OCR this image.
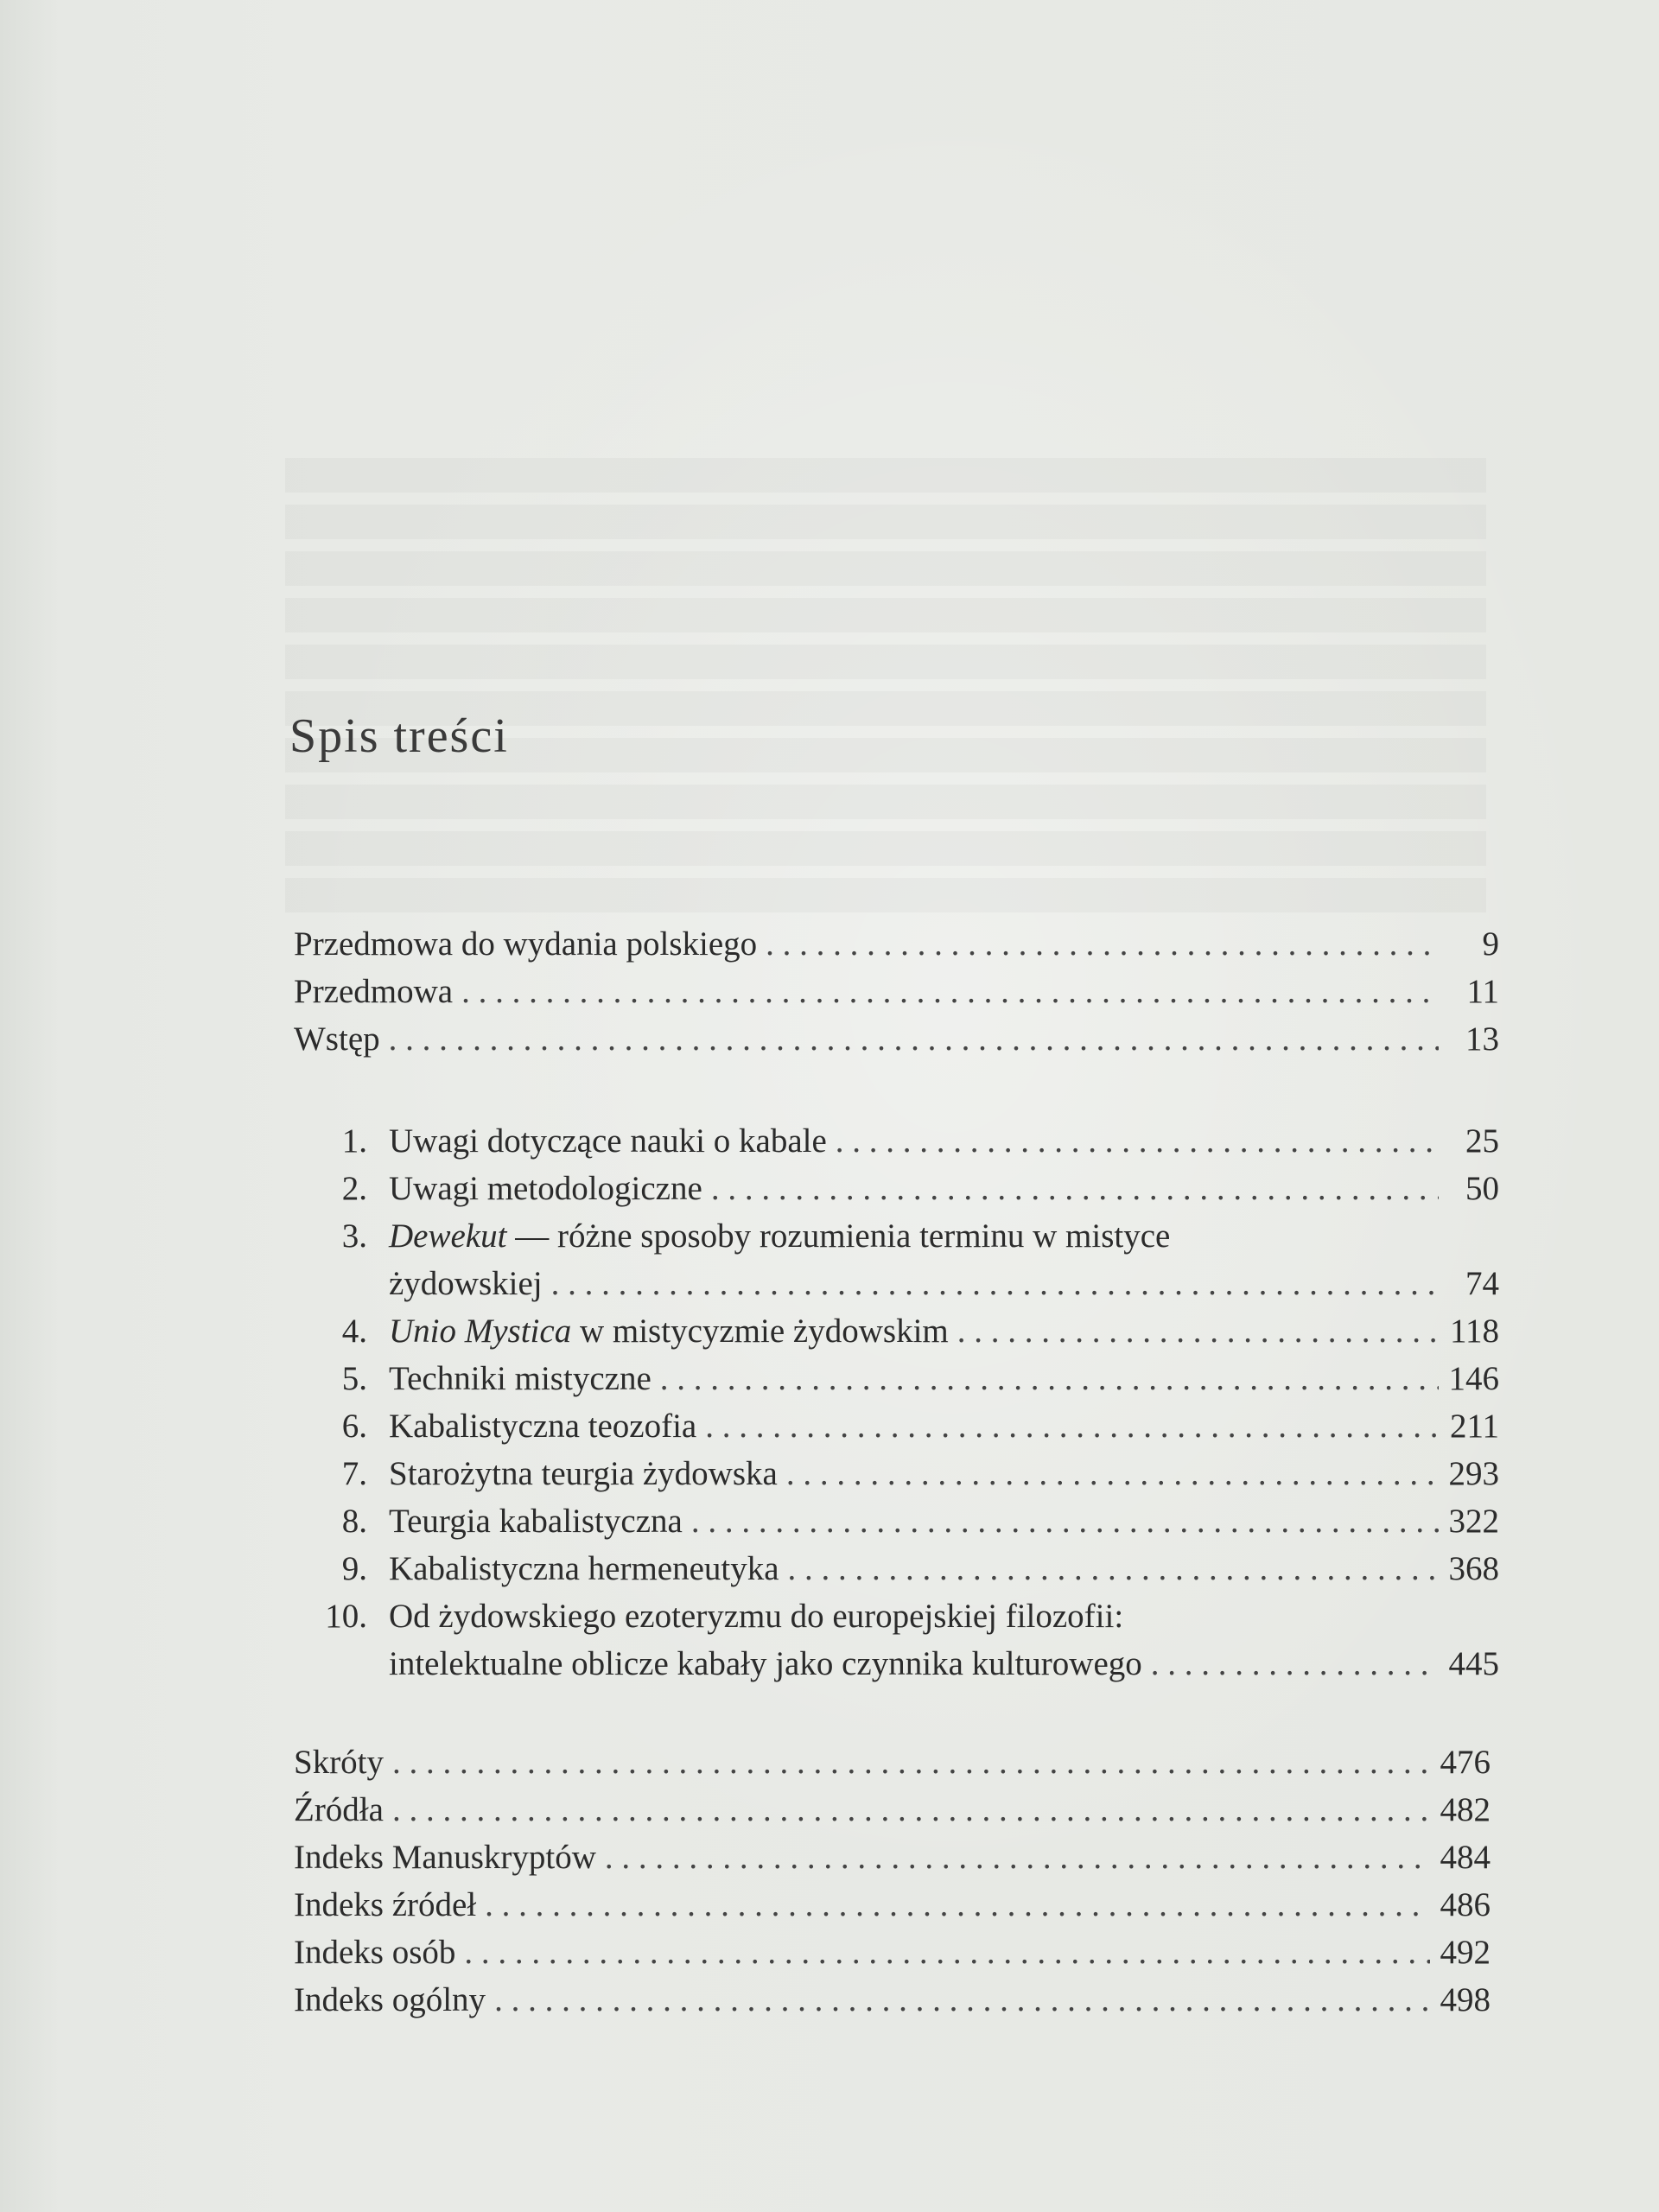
Spis treści
Przedmowa do wydania polskiego . . .	9
Przedmowa . . .	11
Wstęp . . .	13
1. Uwagi dotyczące nauki o kabale . . .	25
2. Uwagi metodologiczne . . .	50
3. Dewekut — różne sposoby rozumienia terminu w mistyce
żydowskiej . . .	74
4. Unio Mystica w mistycyzmie żydowskim . . .	118
5. Techniki mistyczne . . .	146
6. Kabalistyczna teozofia . . .	211
7. Starożytna teurgia żydowska . . .	293
8. Teurgia kabalistyczna . . .	322
9. Kabalistyczna hermeneutyka . . .	368
10. Od żydowskiego ezoteryzmu do europejskiej filozofii:
intelektualne oblicze kabały jako czynnika kulturowego . . .	445
Skróty . . .	476
Źródła . . .	482
Indeks Manuskryptów . . .	484
Indeks źródeł . . .	486
Indeks osób . . .	492
Indeks ogólny . . .	498
